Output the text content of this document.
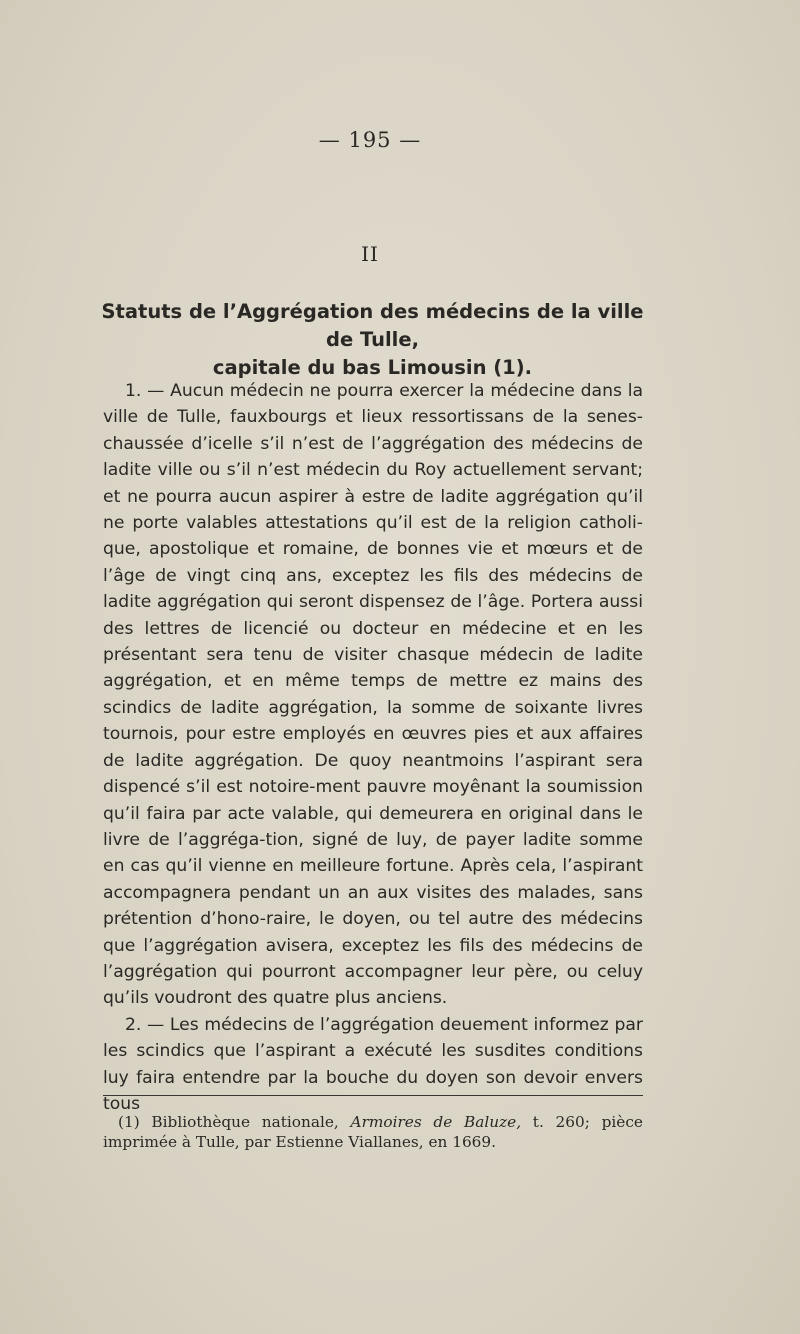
— 195 —
II
Statuts de l’Aggrégation des médecins de la ville de Tulle,
capitale du bas Limousin (1).

1. — Aucun médecin ne pourra exercer la médecine dans la ville de Tulle, fauxbourgs et lieux ressortissans de la senes-chaussée d’icelle s’il n’est de l’aggrégation des médecins de ladite ville ou s’il n’est médecin du Roy actuellement servant; et ne pourra aucun aspirer à estre de ladite aggrégation qu’il ne porte valables attestations qu’il est de la religion catholi-que, apostolique et romaine, de bonnes vie et mœurs et de l’âge de vingt cinq ans, exceptez les fils des médecins de ladite aggrégation qui seront dispensez de l’âge. Portera aussi des lettres de licencié ou docteur en médecine et en les présentant sera tenu de visiter chasque médecin de ladite aggrégation, et en même temps de mettre ez mains des scindics de ladite aggrégation, la somme de soixante livres tournois, pour estre employés en œuvres pies et aux affaires de ladite aggrégation. De quoy neantmoins l’aspirant sera dispencé s’il est notoire-ment pauvre moyênant la soumission qu’il faira par acte valable, qui demeurera en original dans le livre de l’aggréga-tion, signé de luy, de payer ladite somme en cas qu’il vienne en meilleure fortune. Après cela, l’aspirant accompagnera pendant un an aux visites des malades, sans prétention d’hono-raire, le doyen, ou tel autre des médecins que l’aggrégation avisera, exceptez les fils des médecins de l’aggrégation qui pourront accompagner leur père, ou celuy qu’ils voudront des quatre plus anciens.

2. — Les médecins de l’aggrégation deuement informez par les scindics que l’aspirant a exécuté les susdites conditions luy faira entendre par la bouche du doyen son devoir envers tous

(1) Bibliothèque nationale, Armoires de Baluze, t. 260; pièce imprimée à Tulle, par Estienne Viallanes, en 1669.
